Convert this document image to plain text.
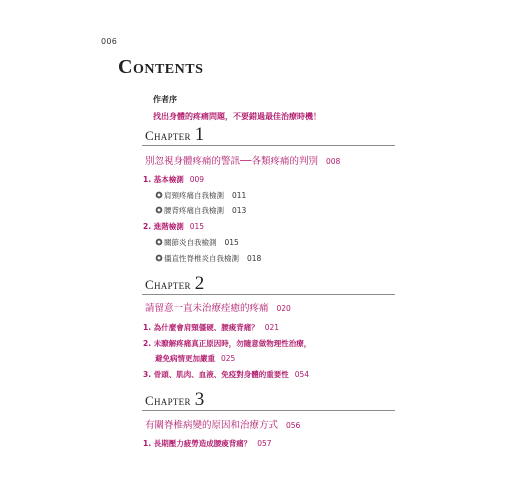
006
Contents
作者序
找出身體的疼痛問題，不要錯過最佳治療時機！
Chapter 1
別忽視身體疼痛的警訊──各類疼痛的判別 008
1. 基本檢測 009
肩頸疼痛自我檢測 011
腰背疼痛自我檢測 013
2. 進階檢測 015
關節炎自我檢測 015
僵直性脊椎炎自我檢測 018
Chapter 2
請留意一直未治療痊癒的疼痛 020
1. 為什麼會肩頸僵硬、腰痠背痛？ 021
2. 未瞭解疼痛真正原因時，勿隨意做物理性治療，
避免病情更加嚴重 025
3. 骨頭、肌肉、血液、免疫對身體的重要性 054
Chapter 3
有關脊椎病變的原因和治療方式 056
1. 長期壓力疲勞造成腰痠背痛？ 057
